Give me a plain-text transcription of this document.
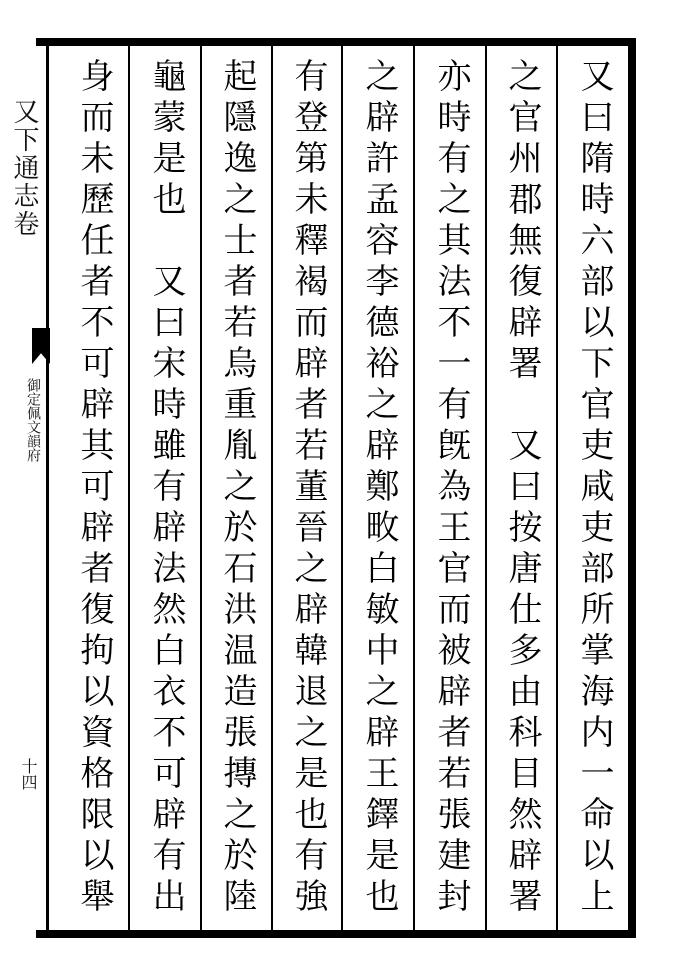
又下通志卷
御定佩文韻府
十四	又曰隋時六部以下官吏咸吏部所掌海内一命以上
之官州郡無復辟署　又曰按唐仕多由科目然辟署
亦時有之其法不一有旣為王官而被辟者若張建封
之辟許孟容李德裕之辟鄭畋白敏中之辟王鐸是也
有登第未釋褐而辟者若董晉之辟韓退之是也有強
起隱逸之士者若烏重胤之於石洪温造張摶之於陸
龜蒙是也　又曰宋時雖有辟法然白衣不可辟有出
身而未歷任者不可辟其可辟者復拘以資格限以舉
